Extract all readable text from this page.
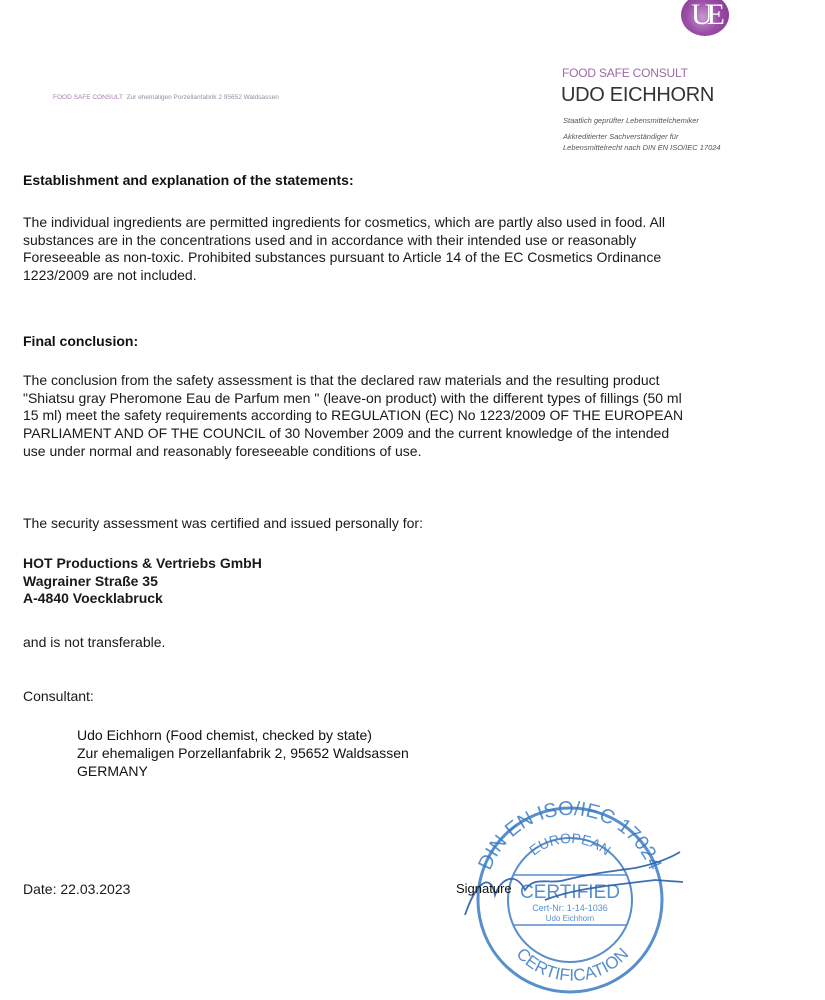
UE
FOOD SAFE CONSULT Zur ehemaligen Porzellanfabrik 2 95652 Waldsassen
FOOD SAFE CONSULT
UDO EICHHORN
Staatlich geprüfter Lebensmittelchemiker
Akkreditierter Sachverständiger für
Lebensmittelrecht nach DIN EN ISO/IEC 17024
Establishment and explanation of the statements:
The individual ingredients are permitted ingredients for cosmetics, which are partly also used in food. All
substances are in the concentrations used and in accordance with their intended use or reasonably
Foreseeable as non-toxic. Prohibited substances pursuant to Article 14 of the EC Cosmetics Ordinance
1223/2009 are not included.
Final conclusion:
The conclusion from the safety assessment is that the declared raw materials and the resulting product
"Shiatsu gray Pheromone Eau de Parfum men " (leave-on product) with the different types of fillings (50 ml
15 ml) meet the safety requirements according to REGULATION (EC) No 1223/2009 OF THE EUROPEAN
PARLIAMENT AND OF THE COUNCIL of 30 November 2009 and the current knowledge of the intended
use under normal and reasonably foreseeable conditions of use.
The security assessment was certified and issued personally for:
HOT Productions & Vertriebs GmbH
Wagrainer Straße 35
A-4840 Voecklabruck
and is not transferable.
Consultant:
Udo Eichhorn (Food chemist, checked by state)
Zur ehemaligen Porzellanfabrik 2, 95652 Waldsassen
GERMANY
Date: 22.03.2023
DIN EN ISO/IEC 17024
EUROPEAN
CERTIFIED
Cert-Nr: 1-14-1036
Udo Eichhorn
CERTIFICATION
Signature
